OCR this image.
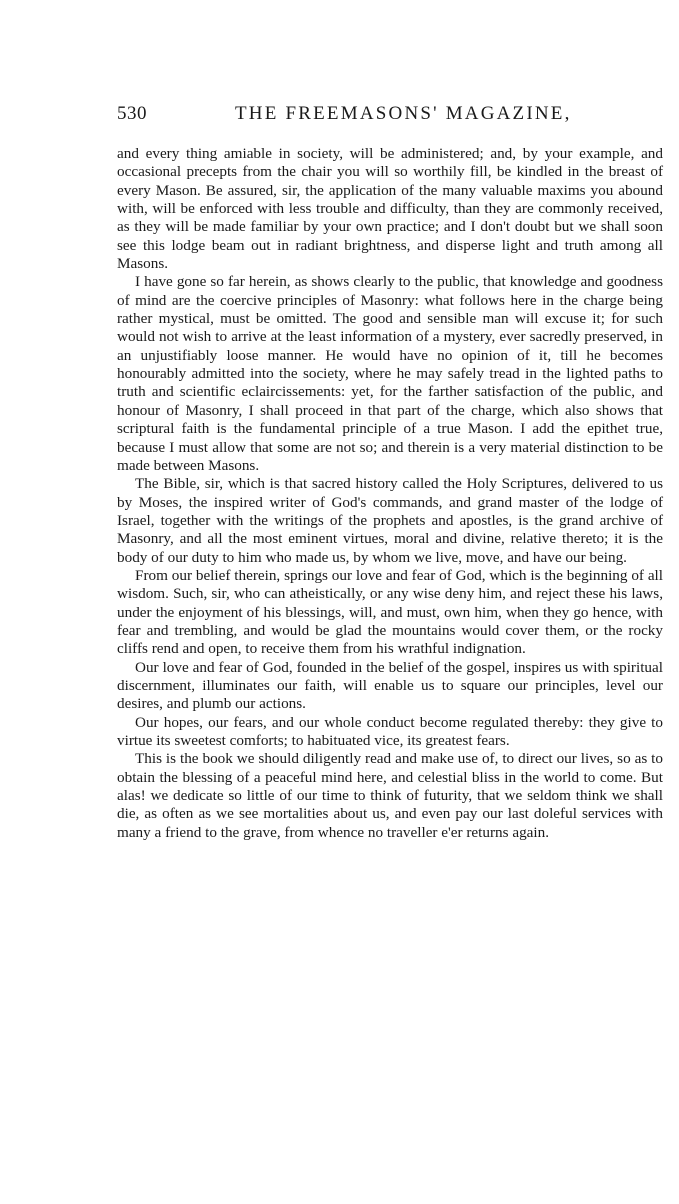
530	THE FREEMASONS' MAGAZINE,

and every thing amiable in society, will be administered; and, by your example, and occasional precepts from the chair you will so worthily fill, be kindled in the breast of every Mason. Be assured, sir, the application of the many valuable maxims you abound with, will be enforced with less trouble and difficulty, than they are commonly received, as they will be made familiar by your own practice; and I don't doubt but we shall soon see this lodge beam out in radiant brightness, and disperse light and truth among all Masons.

I have gone so far herein, as shows clearly to the public, that knowledge and goodness of mind are the coercive principles of Masonry: what follows here in the charge being rather mystical, must be omitted. The good and sensible man will excuse it; for such would not wish to arrive at the least information of a mystery, ever sacredly preserved, in an unjustifiably loose manner. He would have no opinion of it, till he becomes honourably admitted into the society, where he may safely tread in the lighted paths to truth and scientific eclaircissements: yet, for the farther satisfaction of the public, and honour of Masonry, I shall proceed in that part of the charge, which also shows that scriptural faith is the fundamental principle of a true Mason. I add the epithet true, because I must allow that some are not so; and therein is a very material distinction to be made between Masons.

The Bible, sir, which is that sacred history called the Holy Scriptures, delivered to us by Moses, the inspired writer of God's commands, and grand master of the lodge of Israel, together with the writings of the prophets and apostles, is the grand archive of Masonry, and all the most eminent virtues, moral and divine, relative thereto; it is the body of our duty to him who made us, by whom we live, move, and have our being.

From our belief therein, springs our love and fear of God, which is the beginning of all wisdom. Such, sir, who can atheistically, or any wise deny him, and reject these his laws, under the enjoyment of his blessings, will, and must, own him, when they go hence, with fear and trembling, and would be glad the mountains would cover them, or the rocky cliffs rend and open, to receive them from his wrathful indignation.

Our love and fear of God, founded in the belief of the gospel, inspires us with spiritual discernment, illuminates our faith, will enable us to square our principles, level our desires, and plumb our actions.

Our hopes, our fears, and our whole conduct become regulated thereby: they give to virtue its sweetest comforts; to habituated vice, its greatest fears.

This is the book we should diligently read and make use of, to direct our lives, so as to obtain the blessing of a peaceful mind here, and celestial bliss in the world to come. But alas! we dedicate so little of our time to think of futurity, that we seldom think we shall die, as often as we see mortalities about us, and even pay our last doleful services with many a friend to the grave, from whence no traveller e'er returns again.
